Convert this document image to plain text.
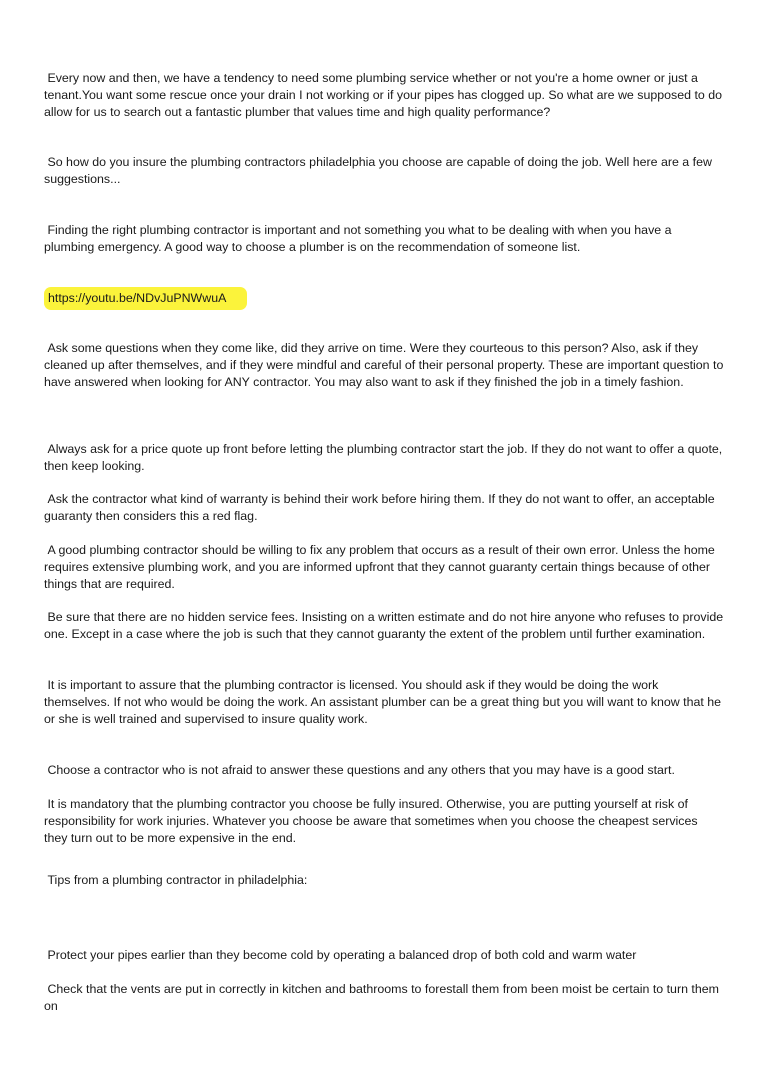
Every now and then, we have a tendency to need some plumbing service whether or not you're a home owner or just a tenant.You want some rescue once your drain I not working or if your pipes has clogged up. So what are we supposed to do allow for us to search out a fantastic plumber that values time and high quality performance?

So how do you insure the plumbing contractors philadelphia you choose are capable of doing the job. Well here are a few suggestions...

Finding the right plumbing contractor is important and not something you what to be dealing with when you have a plumbing emergency. A good way to choose a plumber is on the recommendation of someone list.

https://youtu.be/NDvJuPNWwuA

Ask some questions when they come like, did they arrive on time. Were they courteous to this person? Also, ask if they cleaned up after themselves, and if they were mindful and careful of their personal property. These are important question to have answered when looking for ANY contractor. You may also want to ask if they finished the job in a timely fashion.

Always ask for a price quote up front before letting the plumbing contractor start the job. If they do not want to offer a quote, then keep looking.

Ask the contractor what kind of warranty is behind their work before hiring them. If they do not want to offer, an acceptable guaranty then considers this a red flag.

A good plumbing contractor should be willing to fix any problem that occurs as a result of their own error. Unless the home requires extensive plumbing work, and you are informed upfront that they cannot guaranty certain things because of other things that are required.

Be sure that there are no hidden service fees. Insisting on a written estimate and do not hire anyone who refuses to provide one. Except in a case where the job is such that they cannot guaranty the extent of the problem until further examination.

It is important to assure that the plumbing contractor is licensed. You should ask if they would be doing the work themselves. If not who would be doing the work. An assistant plumber can be a great thing but you will want to know that he or she is well trained and supervised to insure quality work.

Choose a contractor who is not afraid to answer these questions and any others that you may have is a good start.

It is mandatory that the plumbing contractor you choose be fully insured. Otherwise, you are putting yourself at risk of responsibility for work injuries. Whatever you choose be aware that sometimes when you choose the cheapest services they turn out to be more expensive in the end.

Tips from a plumbing contractor in philadelphia:

Protect your pipes earlier than they become cold by operating a balanced drop of both cold and warm water

Check that the vents are put in correctly in kitchen and bathrooms to forestall them from been moist be certain to turn them on
